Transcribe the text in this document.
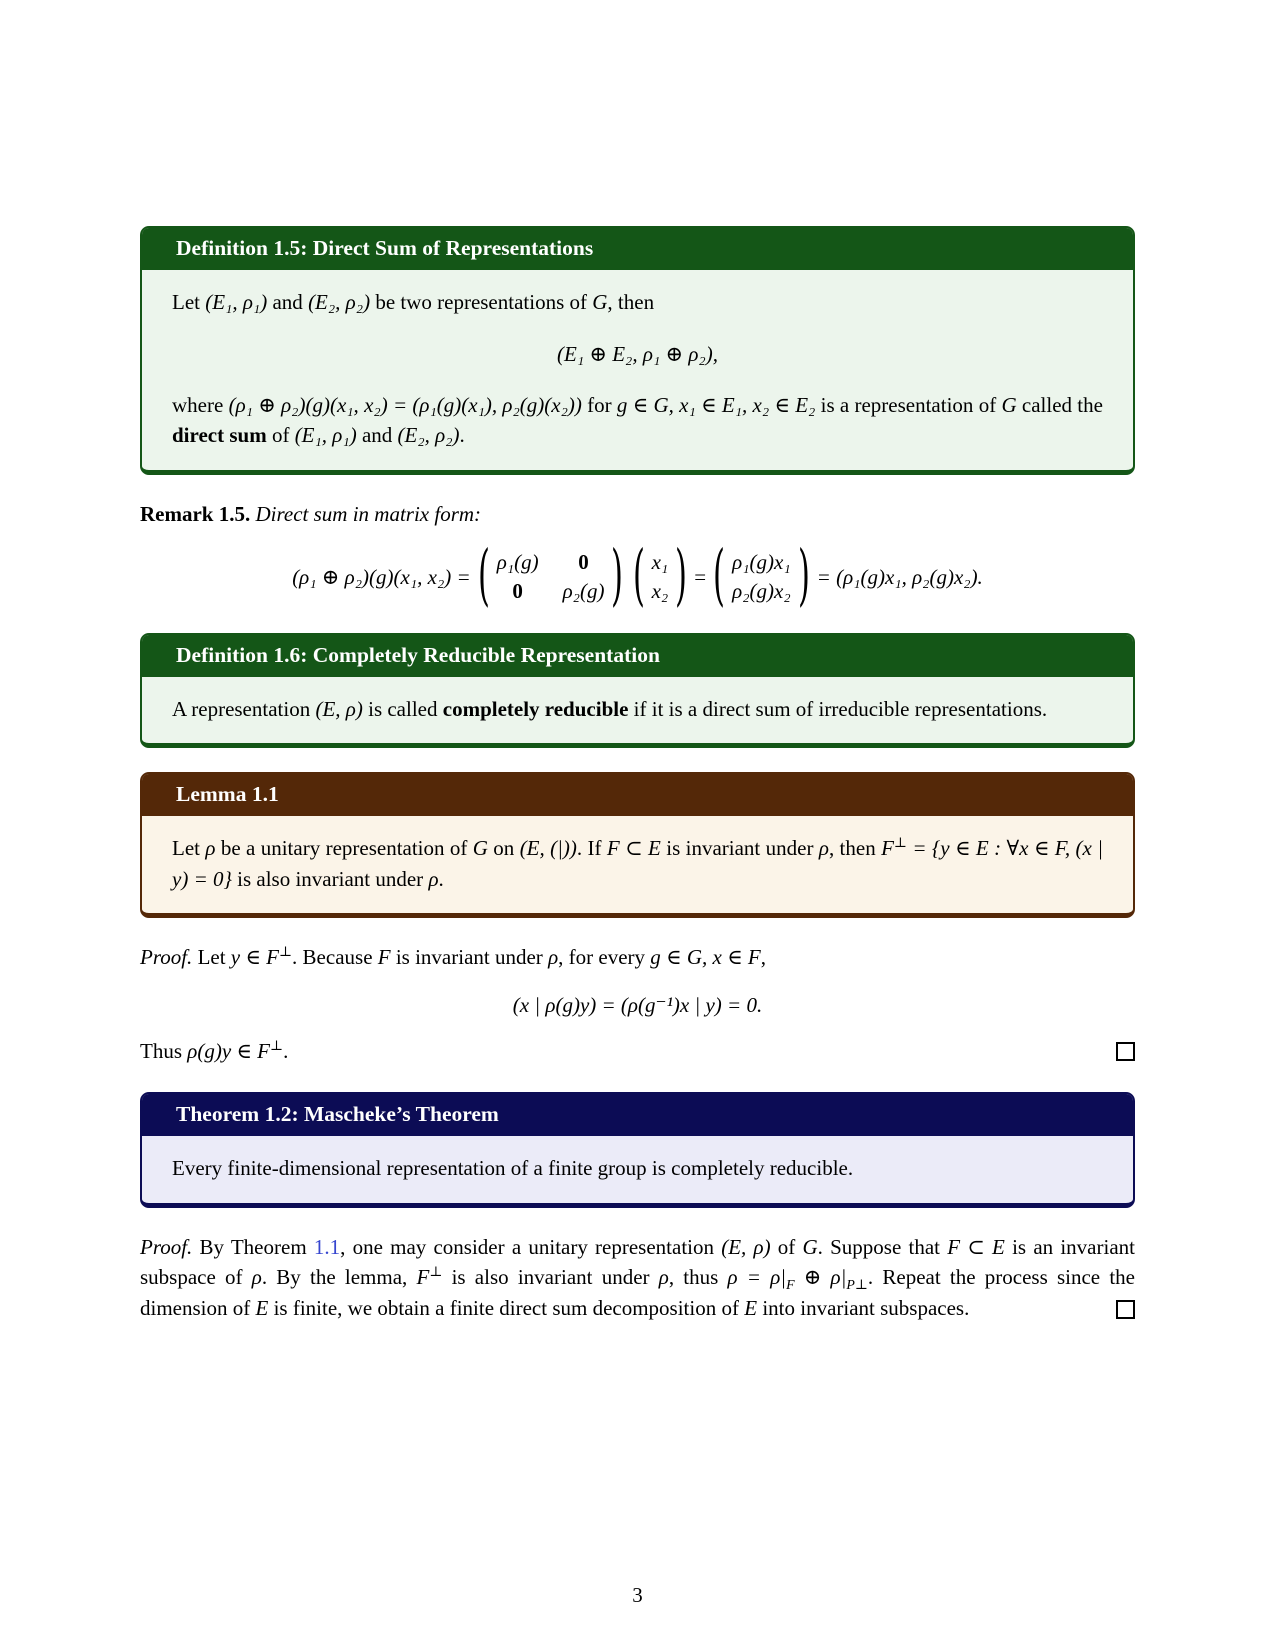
Definition 1.5: Direct Sum of Representations

Let (E₁, ρ₁) and (E₂, ρ₂) be two representations of G, then

(E₁ ⊕ E₂, ρ₁ ⊕ ρ₂),

where (ρ₁ ⊕ ρ₂)(g)(x₁, x₂) = (ρ₁(g)(x₁), ρ₂(g)(x₂)) for g ∈ G, x₁ ∈ E₁, x₂ ∈ E₂ is a representation of G called the direct sum of (E₁, ρ₁) and (E₂, ρ₂).

Remark 1.5. Direct sum in matrix form:

(ρ₁ ⊕ ρ₂)(g)(x₁, x₂) = ( ρ₁(g)	0
0	ρ₂(g) ) ( x₁
x₂ ) = ( ρ₁(g)x₁
ρ₂(g)x₂ ) = (ρ₁(g)x₁, ρ₂(g)x₂).
Definition 1.6: Completely Reducible Representation

A representation (E, ρ) is called completely reducible if it is a direct sum of irreducible representations.

Lemma 1.1

Let ρ be a unitary representation of G on (E, (|)). If F ⊂ E is invariant under ρ, then F⊥ = {y ∈ E : ∀x ∈ F, (x | y) = 0} is also invariant under ρ.

Proof. Let y ∈ F⊥. Because F is invariant under ρ, for every g ∈ G, x ∈ F,

(x | ρ(g)y) = (ρ(g⁻¹)x | y) = 0.
Thus ρ(g)y ∈ F⊥.
Theorem 1.2: Mascheke’s Theorem

Every finite-dimensional representation of a finite group is completely reducible.

Proof. By Theorem 1.1, one may consider a unitary representation (E, ρ) of G. Suppose that F ⊂ E is an invariant subspace of ρ. By the lemma, F⊥ is also invariant under ρ, thus $\rho = \rho|_F$ ⊕ $\rho|_{P\perp}$. Repeat the process since the dimension of E is finite, we obtain a finite direct sum decomposition of E into invariant subspaces.

3
